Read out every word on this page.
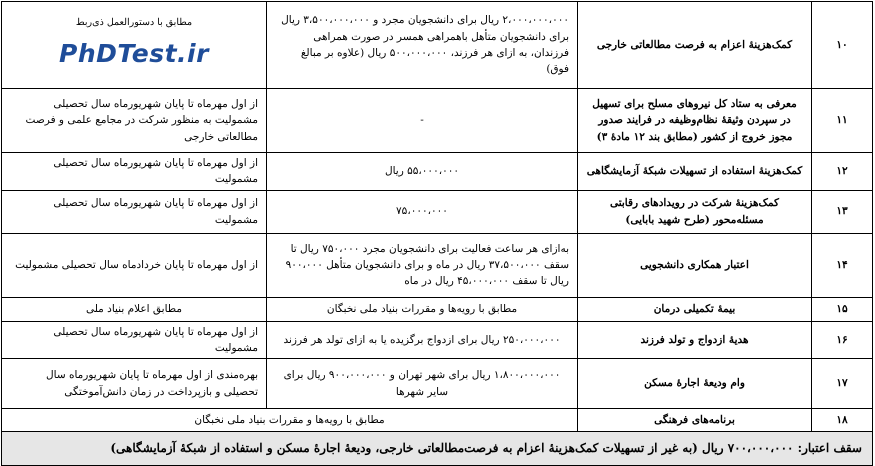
۱۰	کمک‌هزینهٔ اعزام به فرصت مطالعاتی خارجی	۲،۰۰۰،۰۰۰،۰۰۰ ریال برای دانشجویان مجرد و ۳،۵۰۰،۰۰۰،۰۰۰ ریال برای دانشجویان متأهل باهمراهی همسر در صورت همراهی فرزندان، به ازای هر فرزند، ۵۰۰،۰۰۰،۰۰۰ ریال (علاوه بر مبالغ فوق)	مطابق با دستورالعمل ذی‌ربط
PhDTest.ir

۱۱	معرفی به ستاد کل نیروهای مسلح برای تسهیل در سپردن وثیقهٔ نظام‌وظیفه در فرایند صدور مجوز خروج از کشور (مطابق بند ۱۲ مادهٔ ۳)	-	از اول مهرماه تا پایان شهریورماه سال تحصیلی مشمولیت به منظور شرکت در مجامع علمی و فرصت مطالعاتی خارجی
۱۲	کمک‌هزینهٔ استفاده از تسهیلات شبکهٔ آزمایشگاهی	۵۵،۰۰۰،۰۰۰ ریال	از اول مهرماه تا پایان شهریورماه سال تحصیلی مشمولیت
۱۳	کمک‌هزینهٔ شرکت در رویدادهای رقابتی مسئله‌محور (طرح شهید بابایی)	۷۵،۰۰۰،۰۰۰	از اول مهرماه تا پایان شهریورماه سال تحصیلی مشمولیت
۱۴	اعتبار همکاری دانشجویی	به‌ازای هر ساعت فعالیت برای دانشجویان مجرد ۷۵۰،۰۰۰ ریال تا سقف ۳۷،۵۰۰،۰۰۰ ریال در ماه و برای دانشجویان متأهل ۹۰۰،۰۰۰ ریال تا سقف ۴۵،۰۰۰،۰۰۰ ریال در ماه	از اول مهرماه تا پایان خردادماه سال تحصیلی مشمولیت
۱۵	بیمهٔ تکمیلی درمان	مطابق با رویه‌ها و مقررات بنیاد ملی نخبگان	مطابق اعلام بنیاد ملی
۱۶	هدیهٔ ازدواج و تولد فرزند	۲۵۰،۰۰۰،۰۰۰ ریال برای ازدواج برگزیده یا به ازای تولد هر فرزند	از اول مهرماه تا پایان شهریورماه سال تحصیلی مشمولیت
۱۷	وام ودیعهٔ اجارهٔ مسکن	۱،۸۰۰،۰۰۰،۰۰۰ ریال برای شهر تهران و ۹۰۰،۰۰۰،۰۰۰ ریال برای سایر شهرها	بهره‌مندی از اول مهرماه تا پایان شهریورماه سال تحصیلی و بازپرداخت در زمان دانش‌آموختگی
۱۸	برنامه‌های فرهنگی	مطابق با رویه‌ها و مقررات بنیاد ملی نخبگان	
سقف اعتبار: ۷۰۰،۰۰۰،۰۰۰ ریال (به غیر از تسهیلات کمک‌هزینهٔ اعزام به فرصت‌مطالعاتی خارجی، ودیعهٔ اجارهٔ مسکن و استفاده از شبکهٔ آزمایشگاهی)			
